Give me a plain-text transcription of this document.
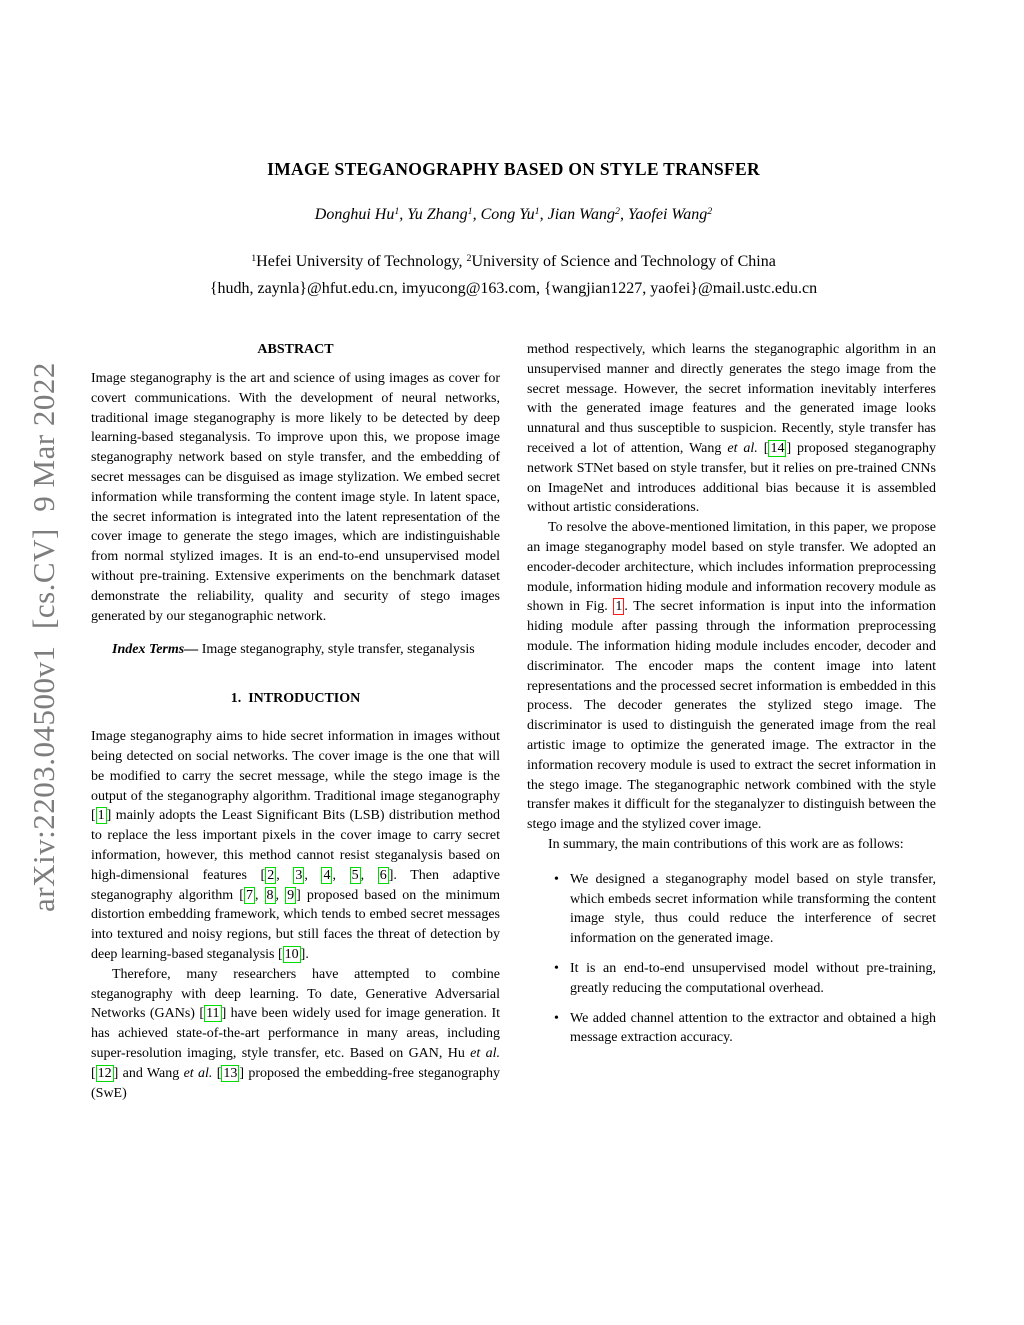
arXiv:2203.04500v1  [cs.CV]  9 Mar 2022
IMAGE STEGANOGRAPHY BASED ON STYLE TRANSFER
Donghui Hu$^1$, Yu Zhang$^1$, Cong Yu$^1$, Jian Wang$^2$, Yaofei Wang$^2$
$^1$Hefei University of Technology, $^2$University of Science and Technology of China
{hudh, zaynla}@hfut.edu.cn, imyucong@163.com, {wangjian1227, yaofei}@mail.ustc.edu.cn
ABSTRACT

Image steganography is the art and science of using images as cover for covert communications. With the development of neural networks, traditional image steganography is more likely to be detected by deep learning-based steganalysis. To improve upon this, we propose image steganography network based on style transfer, and the embedding of secret messages can be disguised as image stylization. We embed secret information while transforming the content image style. In latent space, the secret information is integrated into the latent representation of the cover image to generate the stego images, which are indistinguishable from normal stylized images. It is an end-to-end unsupervised model without pre-training. Extensive experiments on the benchmark dataset demonstrate the reliability, quality and security of stego images generated by our steganographic network.

Index Terms— Image steganography, style transfer, steganalysis

1. INTRODUCTION

Image steganography aims to hide secret information in images without being detected on social networks. The cover image is the one that will be modified to carry the secret message, while the stego image is the output of the steganography algorithm. Traditional image steganography [ 1 ] mainly adopts the Least Significant Bits (LSB) distribution method to replace the less important pixels in the cover image to carry secret information, however, this method cannot resist steganalysis based on high-dimensional features [ 2 , 3 , 4 , 5 , 6 ]. Then adaptive steganography algorithm [ 7 , 8 , 9 ] proposed based on the minimum distortion embedding framework, which tends to embed secret messages into textured and noisy regions, but still faces the threat of detection by deep learning-based steganalysis [ 10 ].

Therefore, many researchers have attempted to combine steganography with deep learning. To date, Generative Adversarial Networks (GANs) [ 11 ] have been widely used for image generation. It has achieved state-of-the-art performance in many areas, including super-resolution imaging, style transfer, etc. Based on GAN, Hu et al. [ 12 ] and Wang et al. [ 13 ] proposed the embedding-free steganography (SwE)

method respectively, which learns the steganographic algorithm in an unsupervised manner and directly generates the stego image from the secret message. However, the secret information inevitably interferes with the generated image features and the generated image looks unnatural and thus susceptible to suspicion. Recently, style transfer has received a lot of attention, Wang et al. [ 14 ] proposed steganography network STNet based on style transfer, but it relies on pre-trained CNNs on ImageNet and introduces additional bias because it is assembled without artistic considerations.

To resolve the above-mentioned limitation, in this paper, we propose an image steganography model based on style transfer. We adopted an encoder-decoder architecture, which includes information preprocessing module, information hiding module and information recovery module as shown in Fig. 1 . The secret information is input into the information hiding module after passing through the information preprocessing module. The information hiding module includes encoder, decoder and discriminator. The encoder maps the content image into latent representations and the processed secret information is embedded in this process. The decoder generates the stylized stego image. The discriminator is used to distinguish the generated image from the real artistic image to optimize the generated image. The extractor in the information recovery module is used to extract the secret information in the stego image. The steganographic network combined with the style transfer makes it difficult for the steganalyzer to distinguish between the stego image and the stylized cover image.

In summary, the main contributions of this work are as follows:

• We designed a steganography model based on style transfer, which embeds secret information while transforming the content image style, thus could reduce the interference of secret information on the generated image.
• It is an end-to-end unsupervised model without pre-training, greatly reducing the computational overhead.
• We added channel attention to the extractor and obtained a high message extraction accuracy.
